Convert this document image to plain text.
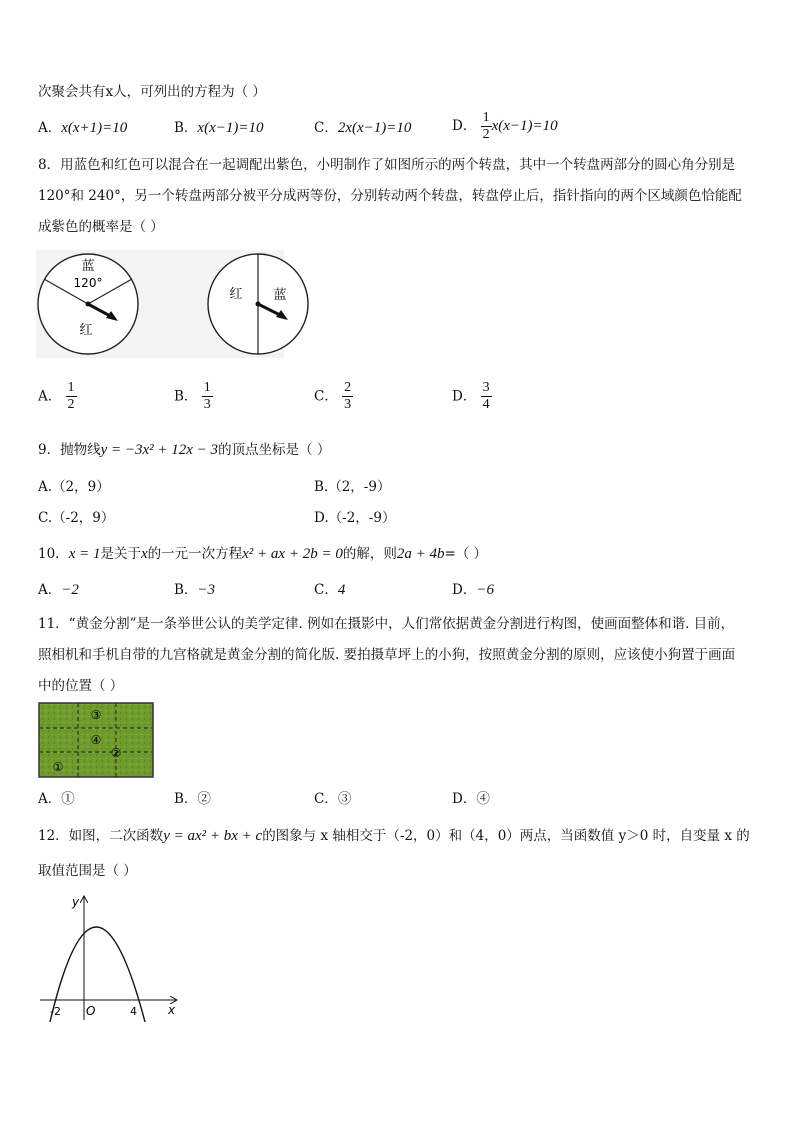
次聚会共有x人，可列出的方程为（ ）
A．x(x+1)=10	B．x(x−1)=10	C．2x(x−1)=10	D． $\frac{1}{2} x(x-1)=10$
8．用蓝色和红色可以混合在一起调配出紫色，小明制作了如图所示的两个转盘，其中一个转盘两部分的圆心角分别是
120°和 240°，另一个转盘两部分被平分成两等份，分别转动两个转盘，转盘停止后，指针指向的两个区域颜色恰能配
成紫色的概率是（ ）
蓝
120°
红
红 蓝
A． $\frac{1}{2}$	B． $\frac{1}{3}$	C． $\frac{2}{3}$	D． $\frac{3}{4}$
9．抛物线y = −3x² + 12x − 3的顶点坐标是（ ）
A.（2，9）	B.（2，-9）
C.（-2，9）	D.（-2，-9）
10．x = 1是关于x的一元一次方程x² + ax + 2b = 0的解，则2a + 4b=（ ）
A．−2	B．−3	C．4	D．−6
11．“黄金分割”是一条举世公认的美学定律. 例如在摄影中，人们常依据黄金分割进行构图，使画面整体和谐. 目前，
照相机和手机自带的九宫格就是黄金分割的简化版. 要拍摄草坪上的小狗，按照黄金分割的原则，应该使小狗置于画面
中的位置（ ）
③
④
②
①
A．①	B．②	C．③	D．④
12．如图，二次函数y = ax² + bx + c的图象与 x 轴相交于（-2，0）和（4，0）两点，当函数值 y＞0 时，自变量 x 的
取值范围是（ ）
y
x
O
-2	4
